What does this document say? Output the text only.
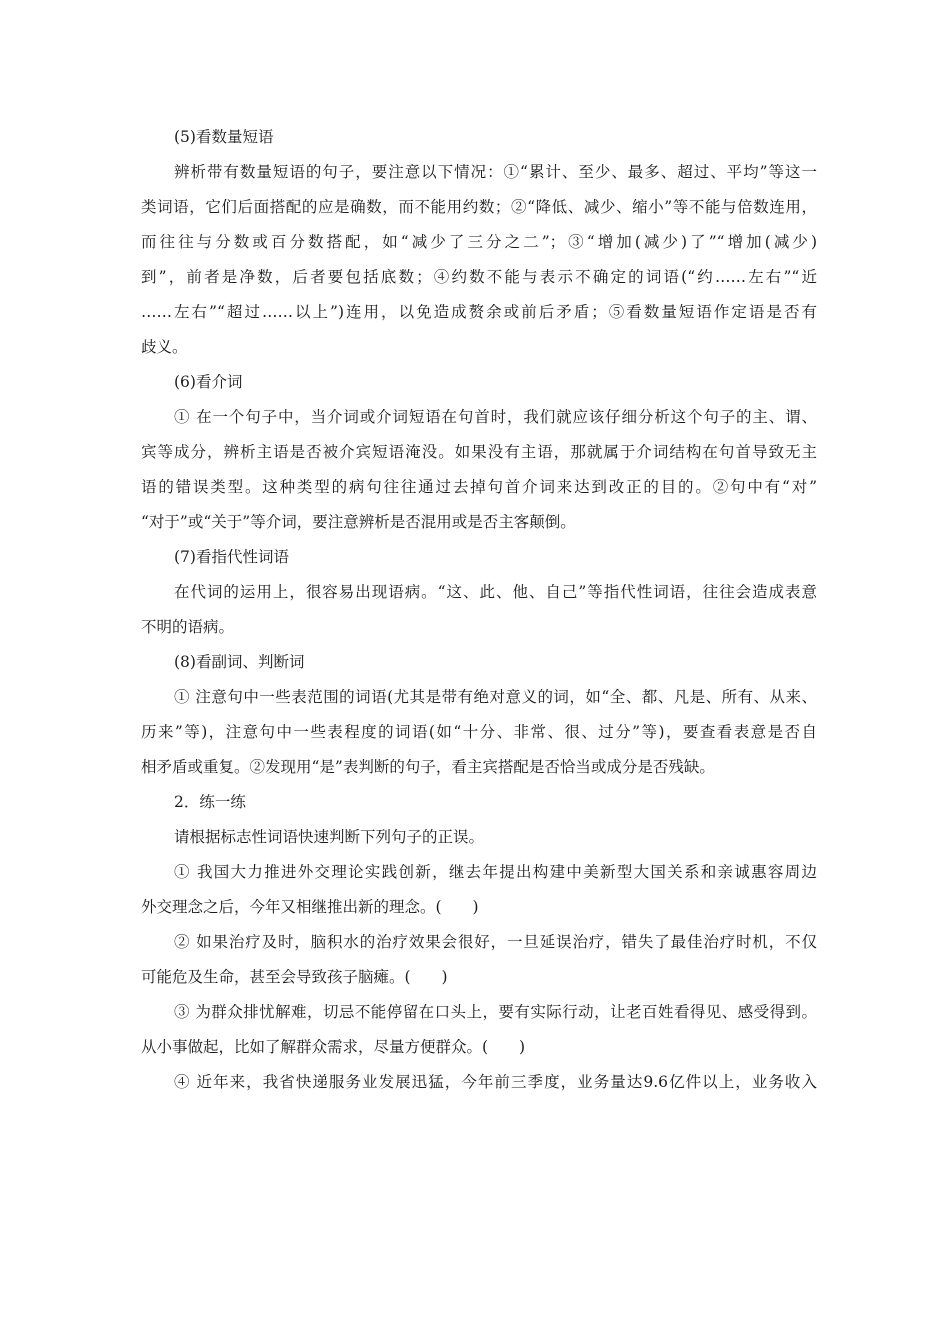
(5)看数量短语
辨析带有数量短语的句子，要注意以下情况：①“累计、至少、最多、超过、平均”等这一
类词语，它们后面搭配的应是确数，而不能用约数；②“降低、减少、缩小”等不能与倍数连用，
而往往与分数或百分数搭配，如“减少了三分之二”；③“增加(减少)了”“增加(减少)
到”，前者是净数，后者要包括底数；④约数不能与表示不确定的词语(“约……左右”“近
……左右”“超过……以上”)连用，以免造成赘余或前后矛盾；⑤看数量短语作定语是否有
歧义。
(6)看介词
① 在一个句子中，当介词或介词短语在句首时，我们就应该仔细分析这个句子的主、谓、
宾等成分，辨析主语是否被介宾短语淹没。如果没有主语，那就属于介词结构在句首导致无主
语的错误类型。这种类型的病句往往通过去掉句首介词来达到改正的目的。②句中有“对”
“对于”或“关于”等介词，要注意辨析是否混用或是否主客颠倒。
(7)看指代性词语
在代词的运用上，很容易出现语病。“这、此、他、自己”等指代性词语，往往会造成表意
不明的语病。
(8)看副词、判断词
① 注意句中一些表范围的词语(尤其是带有绝对意义的词，如“全、都、凡是、所有、从来、
历来”等)，注意句中一些表程度的词语(如“十分、非常、很、过分”等)，要查看表意是否自
相矛盾或重复。②发现用“是”表判断的句子，看主宾搭配是否恰当或成分是否残缺。
2．练一练
请根据标志性词语快速判断下列句子的正误。
① 我国大力推进外交理论实践创新，继去年提出构建中美新型大国关系和亲诚惠容周边
外交理念之后，今年又相继推出新的理念。(　　)
② 如果治疗及时，脑积水的治疗效果会很好，一旦延误治疗，错失了最佳治疗时机，不仅
可能危及生命，甚至会导致孩子脑瘫。(　　)
③ 为群众排忧解难，切忌不能停留在口头上，要有实际行动，让老百姓看得见、感受得到。
从小事做起，比如了解群众需求，尽量方便群众。(　　)
④ 近年来，我省快递服务业发展迅猛，今年前三季度，业务量达9.6亿件以上，业务收入
